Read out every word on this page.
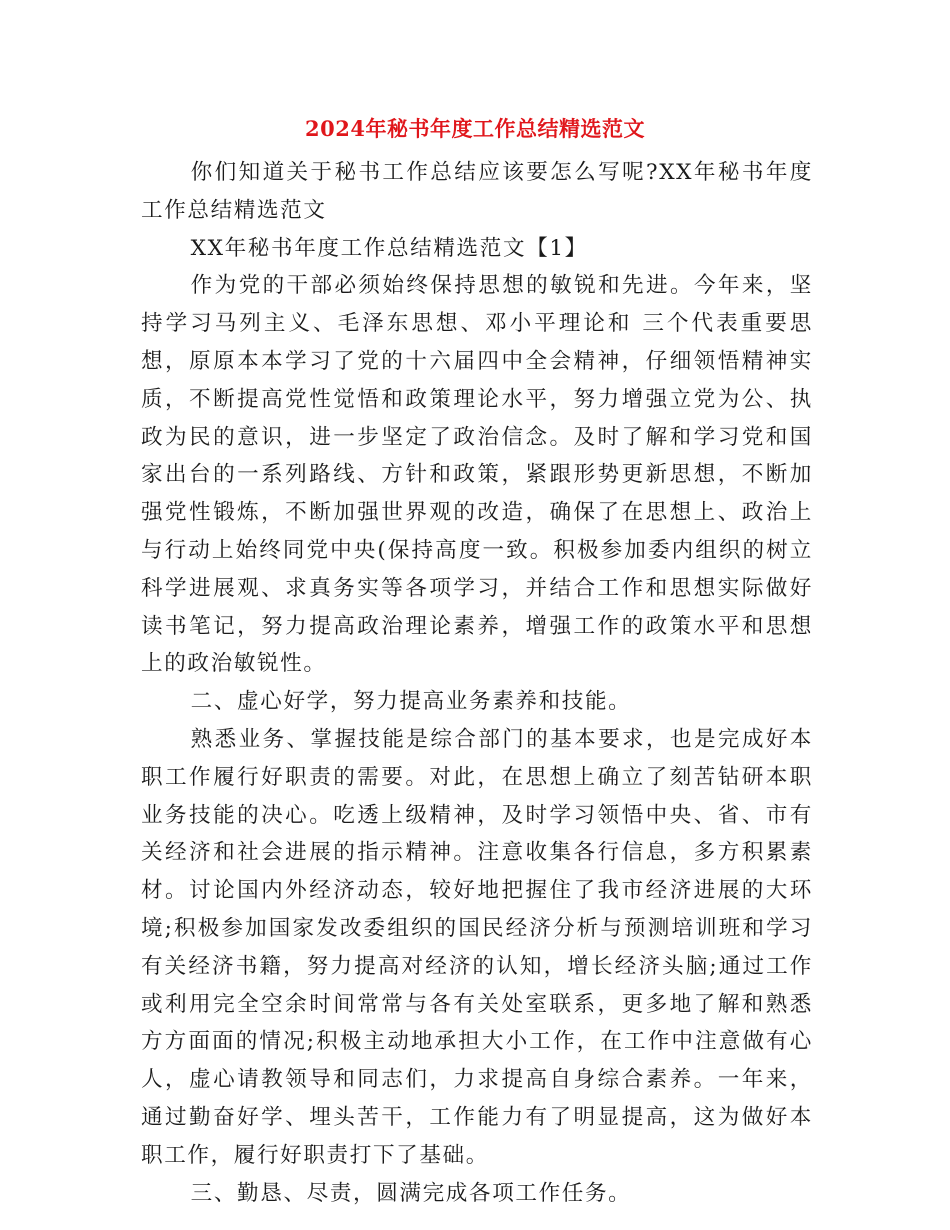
2024年秘书年度工作总结精选范文

你们知道关于秘书工作总结应该要怎么写呢?XX年秘书年度工作总结精选范文

XX年秘书年度工作总结精选范文【1】

作为党的干部必须始终保持思想的敏锐和先进。今年来，坚持学习马列主义、毛泽东思想、邓小平理论和 三个代表重要思想，原原本本学习了党的十六届四中全会精神，仔细领悟精神实质，不断提高党性觉悟和政策理论水平，努力增强立党为公、执政为民的意识，进一步坚定了政治信念。及时了解和学习党和国家出台的一系列路线、方针和政策，紧跟形势更新思想，不断加强党性锻炼，不断加强世界观的改造，确保了在思想上、政治上与行动上始终同党中央(保持高度一致。积极参加委内组织的树立科学进展观、求真务实等各项学习，并结合工作和思想实际做好读书笔记，努力提高政治理论素养，增强工作的政策水平和思想上的政治敏锐性。

二、虚心好学，努力提高业务素养和技能。

熟悉业务、掌握技能是综合部门的基本要求，也是完成好本职工作履行好职责的需要。对此，在思想上确立了刻苦钻研本职业务技能的决心。吃透上级精神，及时学习领悟中央、省、市有关经济和社会进展的指示精神。注意收集各行信息，多方积累素材。讨论国内外经济动态，较好地把握住了我市经济进展的大环境;积极参加国家发改委组织的国民经济分析与预测培训班和学习有关经济书籍，努力提高对经济的认知，增长经济头脑;通过工作或利用完全空余时间常常与各有关处室联系，更多地了解和熟悉方方面面的情况;积极主动地承担大小工作，在工作中注意做有心人，虚心请教领导和同志们，力求提高自身综合素养。一年来，通过勤奋好学、埋头苦干，工作能力有了明显提高，这为做好本职工作，履行好职责打下了基础。

三、勤恳、尽责，圆满完成各项工作任务。
